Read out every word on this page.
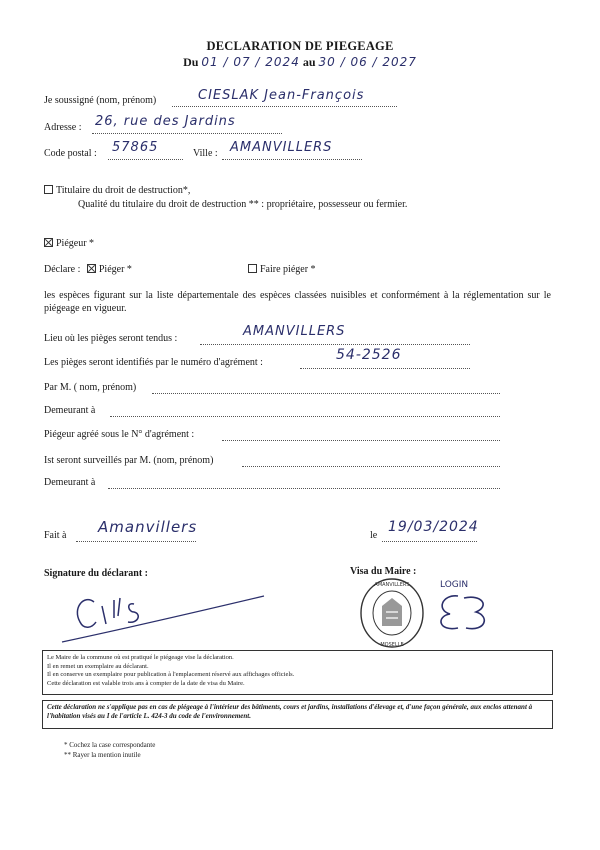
DECLARATION DE PIEGEAGE
Du 01 / 07 / 2024 au 30 / 06 / 2027
Je soussigné (nom, prénom)	CIESLAK Jean-François
Adresse : 26, rue des Jardins
Code postal : 57865	Ville : AMANVILLERS
Titulaire du droit de destruction*,
Qualité du titulaire du droit de destruction ** : propriétaire, possesseur ou fermier.
Piégeur *
Déclare : Piéger *	Faire piéger *
les espèces figurant sur la liste départementale des espèces classées nuisibles et conformément à la réglementation sur le piégeage en vigueur.
Lieu où les pièges seront tendus :	AMANVILLERS
Les pièges seront identifiés par le numéro d'agrément :	54-2526
Par M. ( nom, prénom)
Demeurant à
Piégeur agréé sous le N° d'agrément :
Ist seront surveillés par M. (nom, prénom)
Demeurant à
Fait à Amanvillers	le
19/03/2024
Signature du déclarant :	Visa du Maire :
AMANVILLERS
MOSELLE
LOGIN

Le Maire de la commune où est pratiqué le piégeage vise la déclaration.

Il en remet un exemplaire au déclarant.

Il en conserve un exemplaire pour publication à l'emplacement réservé aux affichages officiels.

Cette déclaration est valable trois ans à compter de la date de visa du Maire.

Cette déclaration ne s'applique pas en cas de piégeage à l'intérieur des bâtiments, cours et jardins, installations d'élevage et, d'une façon générale, aux enclos attenant à l'habitation visés au I de l'article L. 424-3 du code de l'environnement.

* Cochez la case correspondante
** Rayer la mention inutile
